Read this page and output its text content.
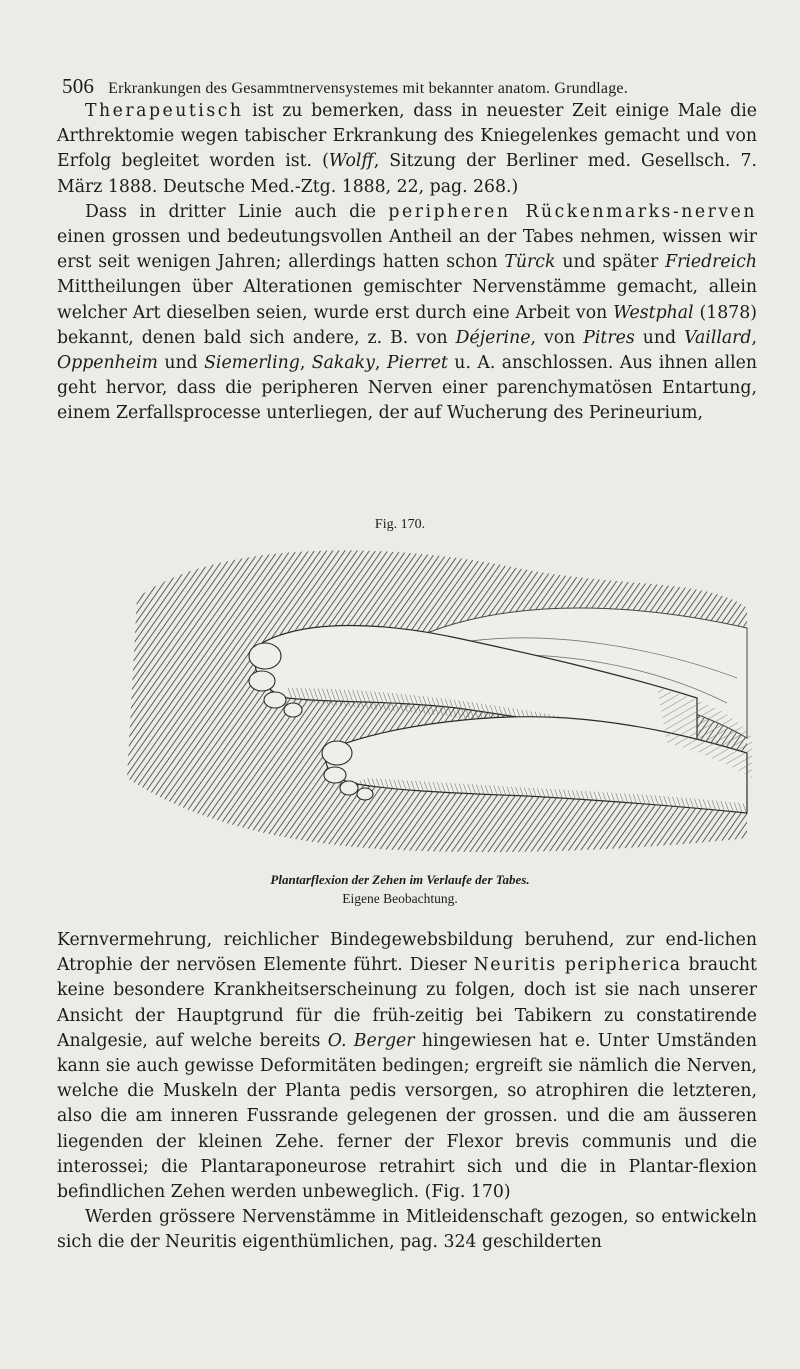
506 Erkrankungen des Gesammtnervensystemes mit bekannter anatom. Grundlage.

Therapeutisch ist zu bemerken, dass in neuester Zeit einige Male die Arthrektomie wegen tabischer Erkrankung des Kniegelenkes gemacht und von Erfolg begleitet worden ist. (Wolff, Sitzung der Berliner med. Gesellsch. 7. März 1888. Deutsche Med.-Ztg. 1888, 22, pag. 268.)

Dass in dritter Linie auch die peripheren Rückenmarks-nerven einen grossen und bedeutungsvollen Antheil an der Tabes nehmen, wissen wir erst seit wenigen Jahren; allerdings hatten schon Türck und später Friedreich Mittheilungen über Alterationen gemischter Nervenstämme gemacht, allein welcher Art dieselben seien, wurde erst durch eine Arbeit von Westphal (1878) bekannt, denen bald sich andere, z. B. von Déjerine, von Pitres und Vaillard, Oppenheim und Siemerling, Sakaky, Pierret u. A. anschlossen. Aus ihnen allen geht hervor, dass die peripheren Nerven einer parenchymatösen Entartung, einem Zerfallsprocesse unterliegen, der auf Wucherung des Perineurium,

Fig. 170.
Plantarflexion der Zehen im Verlaufe der Tabes.
Eigene Beobachtung.

Kernvermehrung, reichlicher Bindegewebsbildung beruhend, zur end-lichen Atrophie der nervösen Elemente führt. Dieser Neuritis peripherica braucht keine besondere Krankheitserscheinung zu folgen, doch ist sie nach unserer Ansicht der Hauptgrund für die früh-zeitig bei Tabikern zu constatirende Analgesie, auf welche bereits O. Berger hingewiesen hat e. Unter Umständen kann sie auch gewisse Deformitäten bedingen; ergreift sie nämlich die Nerven, welche die Muskeln der Planta pedis versorgen, so atrophiren die letzteren, also die am inneren Fussrande gelegenen der grossen. und die am äusseren liegenden der kleinen Zehe. ferner der Flexor brevis communis und die interossei; die Plantaraponeurose retrahirt sich und die in Plantar-flexion befindlichen Zehen werden unbeweglich. (Fig. 170)

Werden grössere Nervenstämme in Mitleidenschaft gezogen, so entwickeln sich die der Neuritis eigenthümlichen, pag. 324 geschilderten
